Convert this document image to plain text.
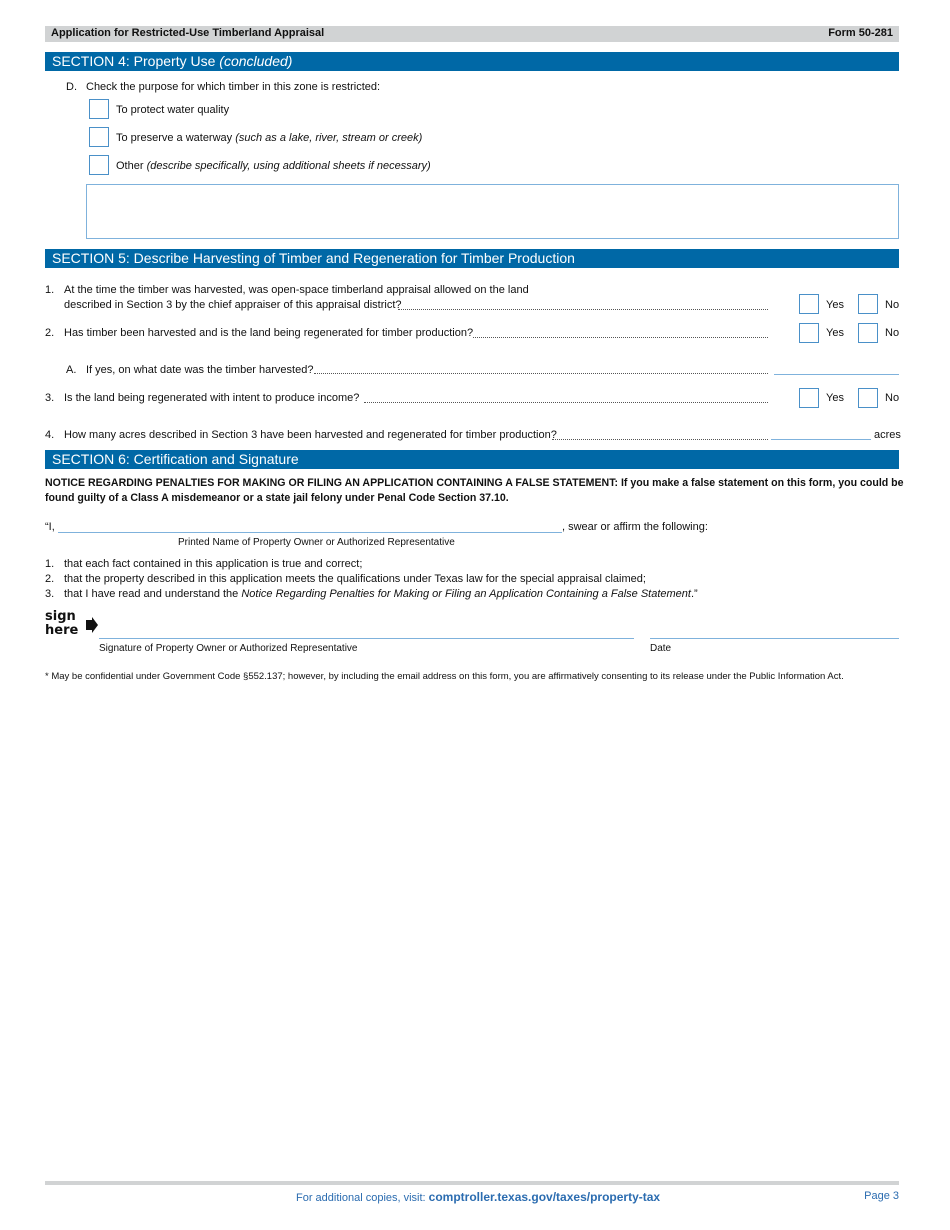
Application for Restricted-Use Timberland Appraisal	Form 50-281
SECTION 4: Property Use (concluded)
D. Check the purpose for which timber in this zone is restricted:
To protect water quality
To preserve a waterway (such as a lake, river, stream or creek)
Other (describe specifically, using additional sheets if necessary)
SECTION 5: Describe Harvesting of Timber and Regeneration for Timber Production
1. At the time the timber was harvested, was open-space timberland appraisal allowed on the land
described in Section 3 by the chief appraiser of this appraisal district?	Yes	No
2. Has timber been harvested and is the land being regenerated for timber production?	Yes	No
A. If yes, on what date was the timber harvested?
3. Is the land being regenerated with intent to produce income?	Yes	No
4. How many acres described in Section 3 have been harvested and regenerated for timber production?	acres
SECTION 6: Certification and Signature
NOTICE REGARDING PENALTIES FOR MAKING OR FILING AN APPLICATION CONTAINING A FALSE STATEMENT: If you make a false statement on this form, you could be
found guilty of a Class A misdemeanor or a state jail felony under Penal Code Section 37.10.
“I,	, swear or affirm the following:
Printed Name of Property Owner or Authorized Representative
1. that each fact contained in this application is true and correct;
2. that the property described in this application meets the qualifications under Texas law for the special appraisal claimed;
3. that I have read and understand the Notice Regarding Penalties for Making or Filing an Application Containing a False Statement.”
sign
here
Signature of Property Owner or Authorized Representative	Date
* May be confidential under Government Code §552.137; however, by including the email address on this form, you are affirmatively consenting to its release under the Public Information Act.
For additional copies, visit: comptroller.texas.gov/taxes/property-tax	Page 3
